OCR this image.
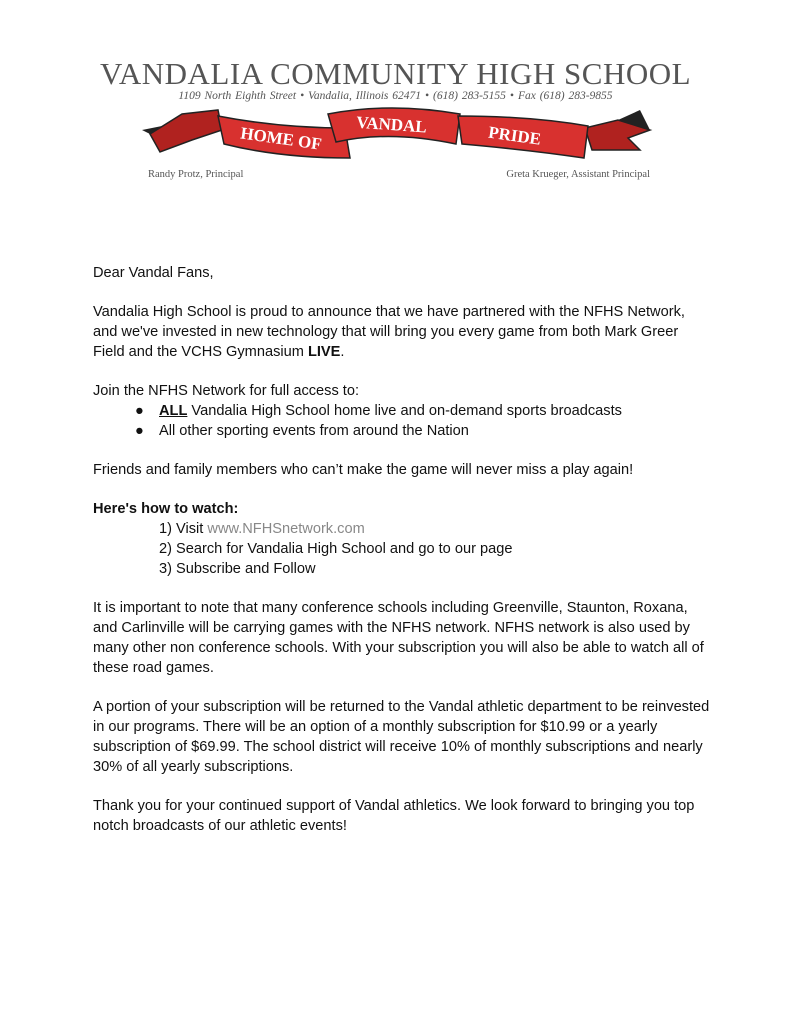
VANDALIA COMMUNITY HIGH SCHOOL
1109 North Eighth Street • Vandalia, Illinois 62471 • (618) 283-5155 • Fax (618) 283-9855
HOME OF VANDAL	PRIDE
Randy Protz, Principal	Greta Krueger, Assistant Principal

Dear Vandal Fans,

Vandalia High School is proud to announce that we have partnered with the NFHS Network, and we've invested in new technology that will bring you every game from both Mark Greer Field and the VCHS Gymnasium LIVE.

Join the NFHS Network for full access to:
● ALL Vandalia High School home live and on-demand sports broadcasts
● All other sporting events from around the Nation

Friends and family members who can’t make the game will never miss a play again!

Here's how to watch:
1) Visit www.NFHSnetwork.com
2) Search for Vandalia High School and go to our page
3) Subscribe and Follow

It is important to note that many conference schools including Greenville, Staunton, Roxana, and Carlinville will be carrying games with the NFHS network. NFHS network is also used by many other non conference schools. With your subscription you will also be able to watch all of these road games.

A portion of your subscription will be returned to the Vandal athletic department to be reinvested in our programs. There will be an option of a monthly subscription for $10.99 or a yearly subscription of $69.99. The school district will receive 10% of monthly subscriptions and nearly 30% of all yearly subscriptions.

Thank you for your continued support of Vandal athletics. We look forward to bringing you top notch broadcasts of our athletic events!
